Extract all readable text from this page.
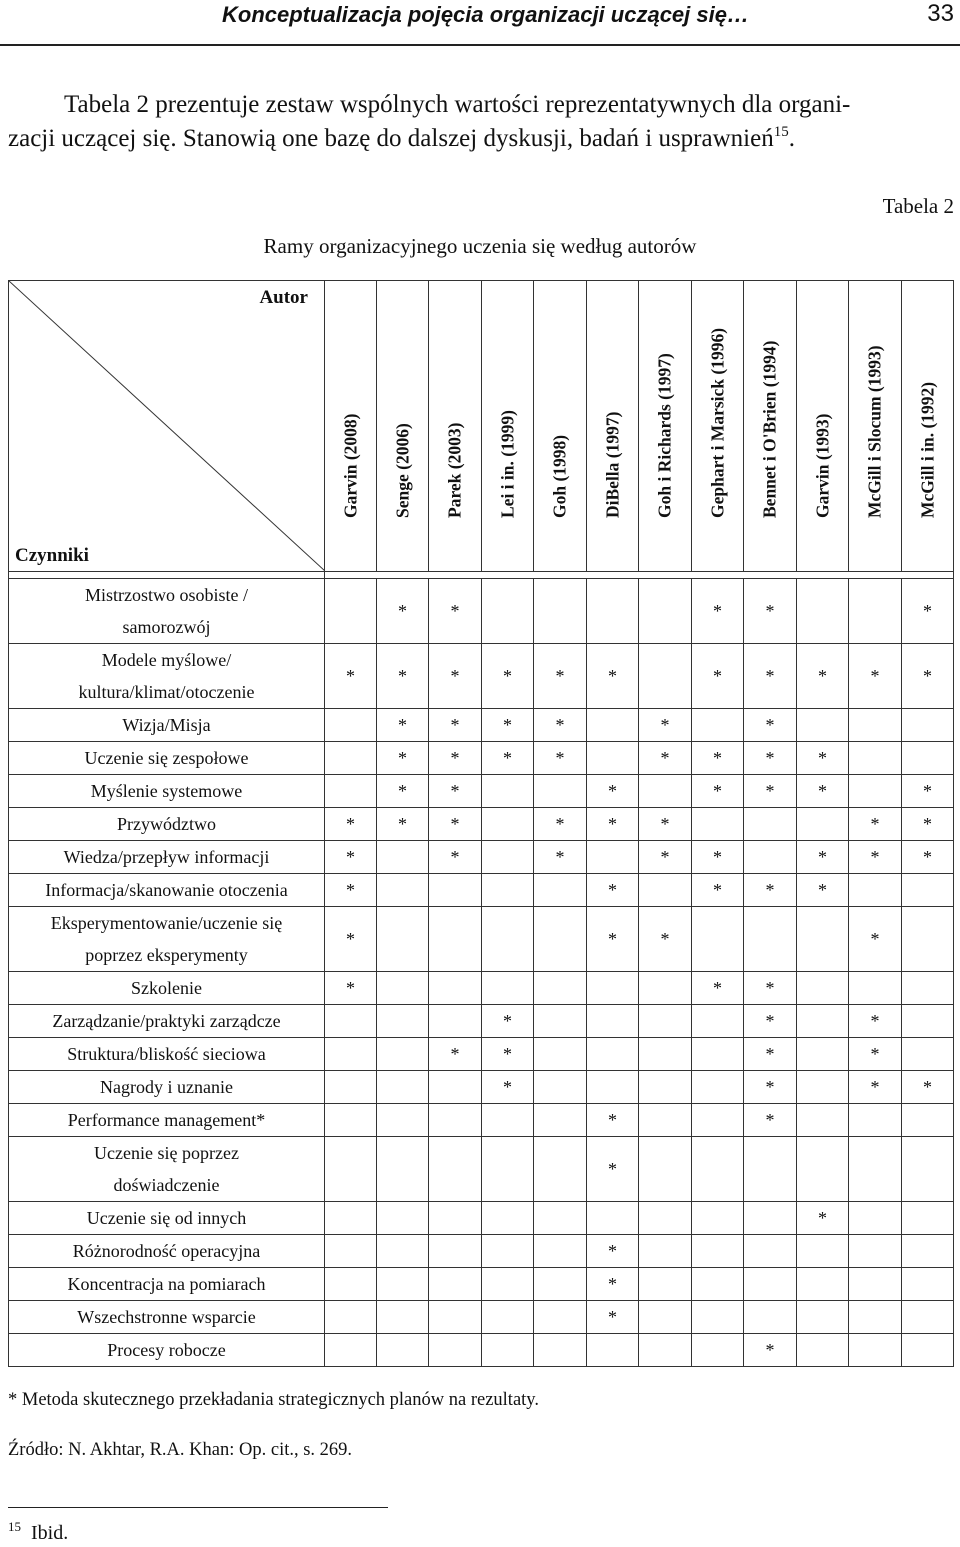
Konceptualizacja pojęcia organizacji uczącej się…	33
Tabela 2 prezentuje zestaw wspólnych wartości reprezentatywnych dla organi-
zacji uczącej się. Stanowią one bazę do dalszej dyskusji, badań i usprawnień$^{15}$.
Tabela 2
Ramy organizacyjnego uczenia się według autorów
Autor
Czynniki	Garvin (2008)	Senge (2006)	Parek (2003)	Lei i in. (1999)	Goh (1998)	DiBella (1997)	Goh i Richards (1997)	Gephart i Marsick (1996)	Bennet i O'Brien (1994)	Garvin (1993)	McGill i Slocum (1993)	McGill i in. (1992)

Mistrzostwo osobiste /
samorozwój		*	*					*	*			*
Modele myślowe/
kultura/klimat/otoczenie	*	*	*	*	*	*		*	*	*	*	*
Wizja/Misja		*	*	*	*		*		*			
Uczenie się zespołowe		*	*	*	*		*	*	*	*		
Myślenie systemowe		*	*			*		*	*	*		*
Przywództwo	*	*	*		*	*	*				*	*
Wiedza/przepływ informacji	*		*		*		*	*		*	*	*
Informacja/skanowanie otoczenia	*					*		*	*	*		
Eksperymentowanie/uczenie się
poprzez eksperymenty	*					*	*				*	
Szkolenie	*							*	*			
Zarządzanie/praktyki zarządcze				*					*		*	
Struktura/bliskość sieciowa			*	*					*		*	
Nagrody i uznanie				*					*		*	*
Performance management*						*			*			
Uczenie się poprzez
doświadczenie						*						
Uczenie się od innych										*		
Różnorodność operacyjna						*						
Koncentracja na pomiarach						*						
Wszechstronne wsparcie						*						
Procesy robocze									*			
* Metoda skutecznego przekładania strategicznych planów na rezultaty.
Źródło: N. Akhtar, R.A. Khan: Op. cit., s. 269.
$^{15}$ Ibid.
